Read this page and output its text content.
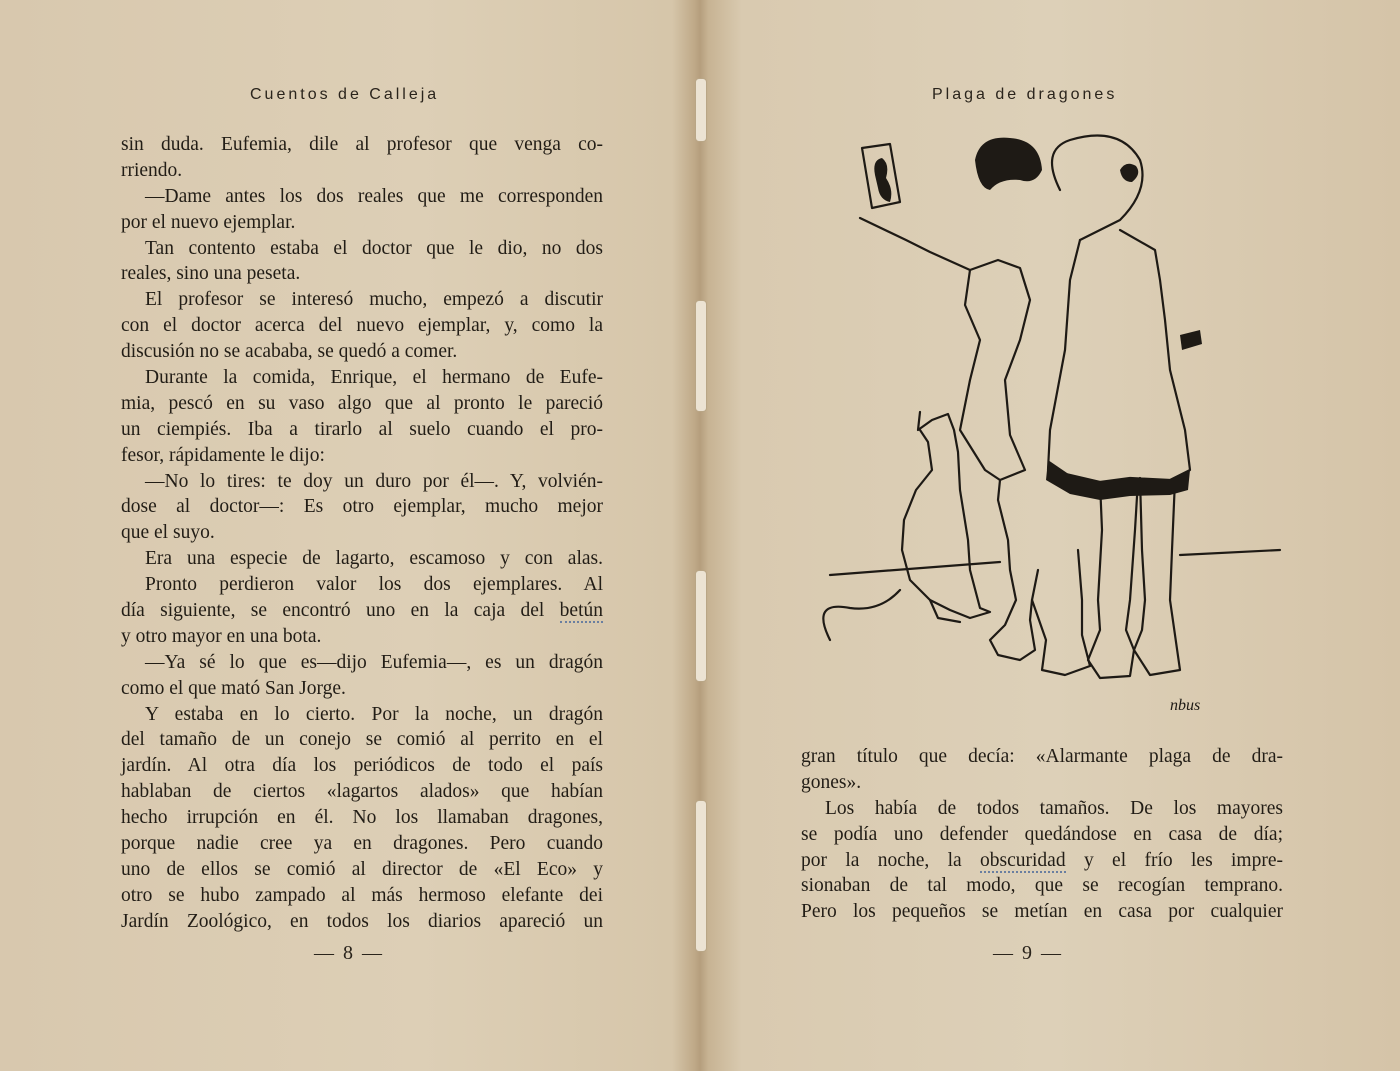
Cuentos de Calleja
sin duda. Eufemia, dile al profesor que venga co-
rriendo.
—Dame antes los dos reales que me corresponden
por el nuevo ejemplar.
Tan contento estaba el doctor que le dio, no dos
reales, sino una peseta.
El profesor se interesó mucho, empezó a discutir
con el doctor acerca del nuevo ejemplar, y, como la
discusión no se acababa, se quedó a comer.
Durante la comida, Enrique, el hermano de Eufe-
mia, pescó en su vaso algo que al pronto le pareció
un ciempiés. Iba a tirarlo al suelo cuando el pro-
fesor, rápidamente le dijo:
—No lo tires: te doy un duro por él—. Y, volvién-
dose al doctor—: Es otro ejemplar, mucho mejor
que el suyo.
Era una especie de lagarto, escamoso y con alas.
Pronto perdieron valor los dos ejemplares. Al
día siguiente, se encontró uno en la caja del betún
y otro mayor en una bota.
—Ya sé lo que es—dijo Eufemia—, es un dragón
como el que mató San Jorge.
Y estaba en lo cierto. Por la noche, un dragón
del tamaño de un conejo se comió al perrito en el
jardín. Al otra día los periódicos de todo el país
hablaban de ciertos «lagartos alados» que habían
hecho irrupción en él. No los llamaban dragones,
porque nadie cree ya en dragones. Pero cuando
uno de ellos se comió al director de «El Eco» y
otro se hubo zampado al más hermoso elefante dei
Jardín Zoológico, en todos los diarios apareció un
— 8 —
Plaga de dragones
nbus
gran título que decía: «Alarmante plaga de dra-
gones».
Los había de todos tamaños. De los mayores
se podía uno defender quedándose en casa de día;
por la noche, la obscuridad y el frío les impre-
sionaban de tal modo, que se recogían temprano.
Pero los pequeños se metían en casa por cualquier
— 9 —
